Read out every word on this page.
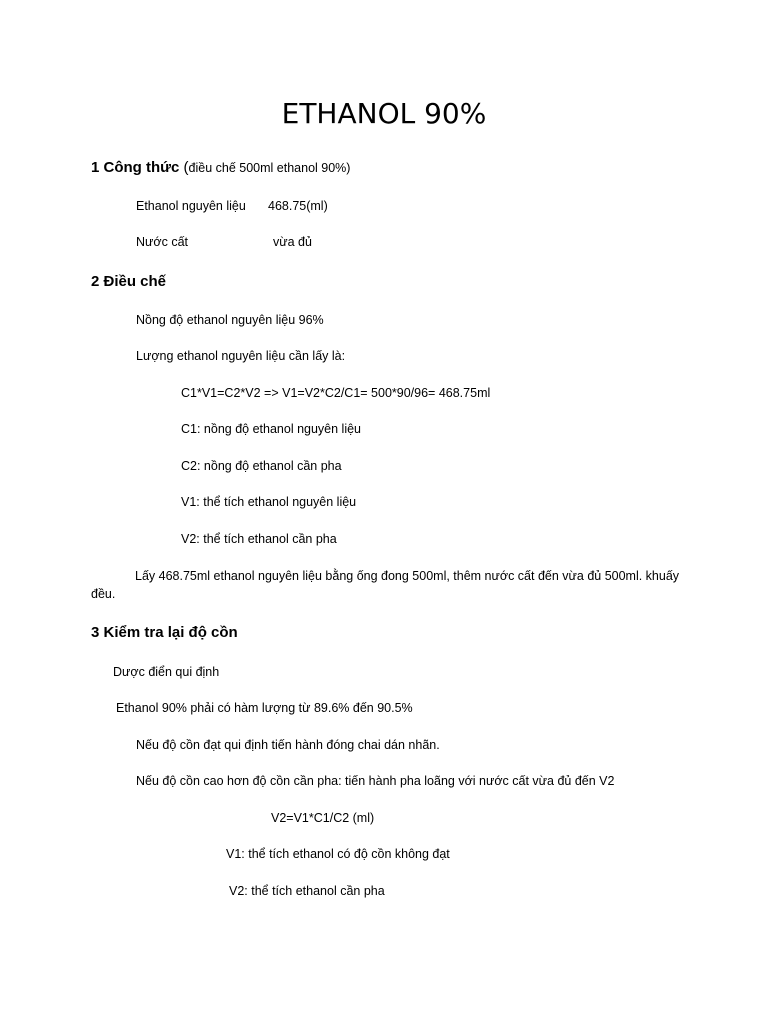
ETHANOL 90%
1 Công thức (điều chế 500ml ethanol 90%)
Ethanol nguyên liệu 468.75(ml)
Nước cất	vừa đủ
2 Điều chế
Nồng độ ethanol nguyên liệu 96%
Lượng ethanol nguyên liệu cần lấy là:
C1*V1=C2*V2 => V1=V2*C2/C1= 500*90/96= 468.75ml
C1: nồng độ ethanol nguyên liệu
C2: nồng độ ethanol cần pha
V1: thể tích ethanol nguyên liệu
V2: thể tích ethanol cần pha
Lấy 468.75ml ethanol nguyên liệu bằng ống đong 500ml, thêm nước cất đến vừa đủ 500ml. khuấy đều.
3 Kiểm tra lại độ cồn
Dược điển qui định
Ethanol 90% phải có hàm lượng từ 89.6% đến 90.5%
Nếu độ cồn đạt qui định tiến hành đóng chai dán nhãn.
Nếu độ cồn cao hơn độ cồn cần pha: tiến hành pha loãng với nước cất vừa đủ đến V2
V2=V1*C1/C2 (ml)
V1: thể tích ethanol có độ cồn không đạt
V2: thể tích ethanol cần pha
